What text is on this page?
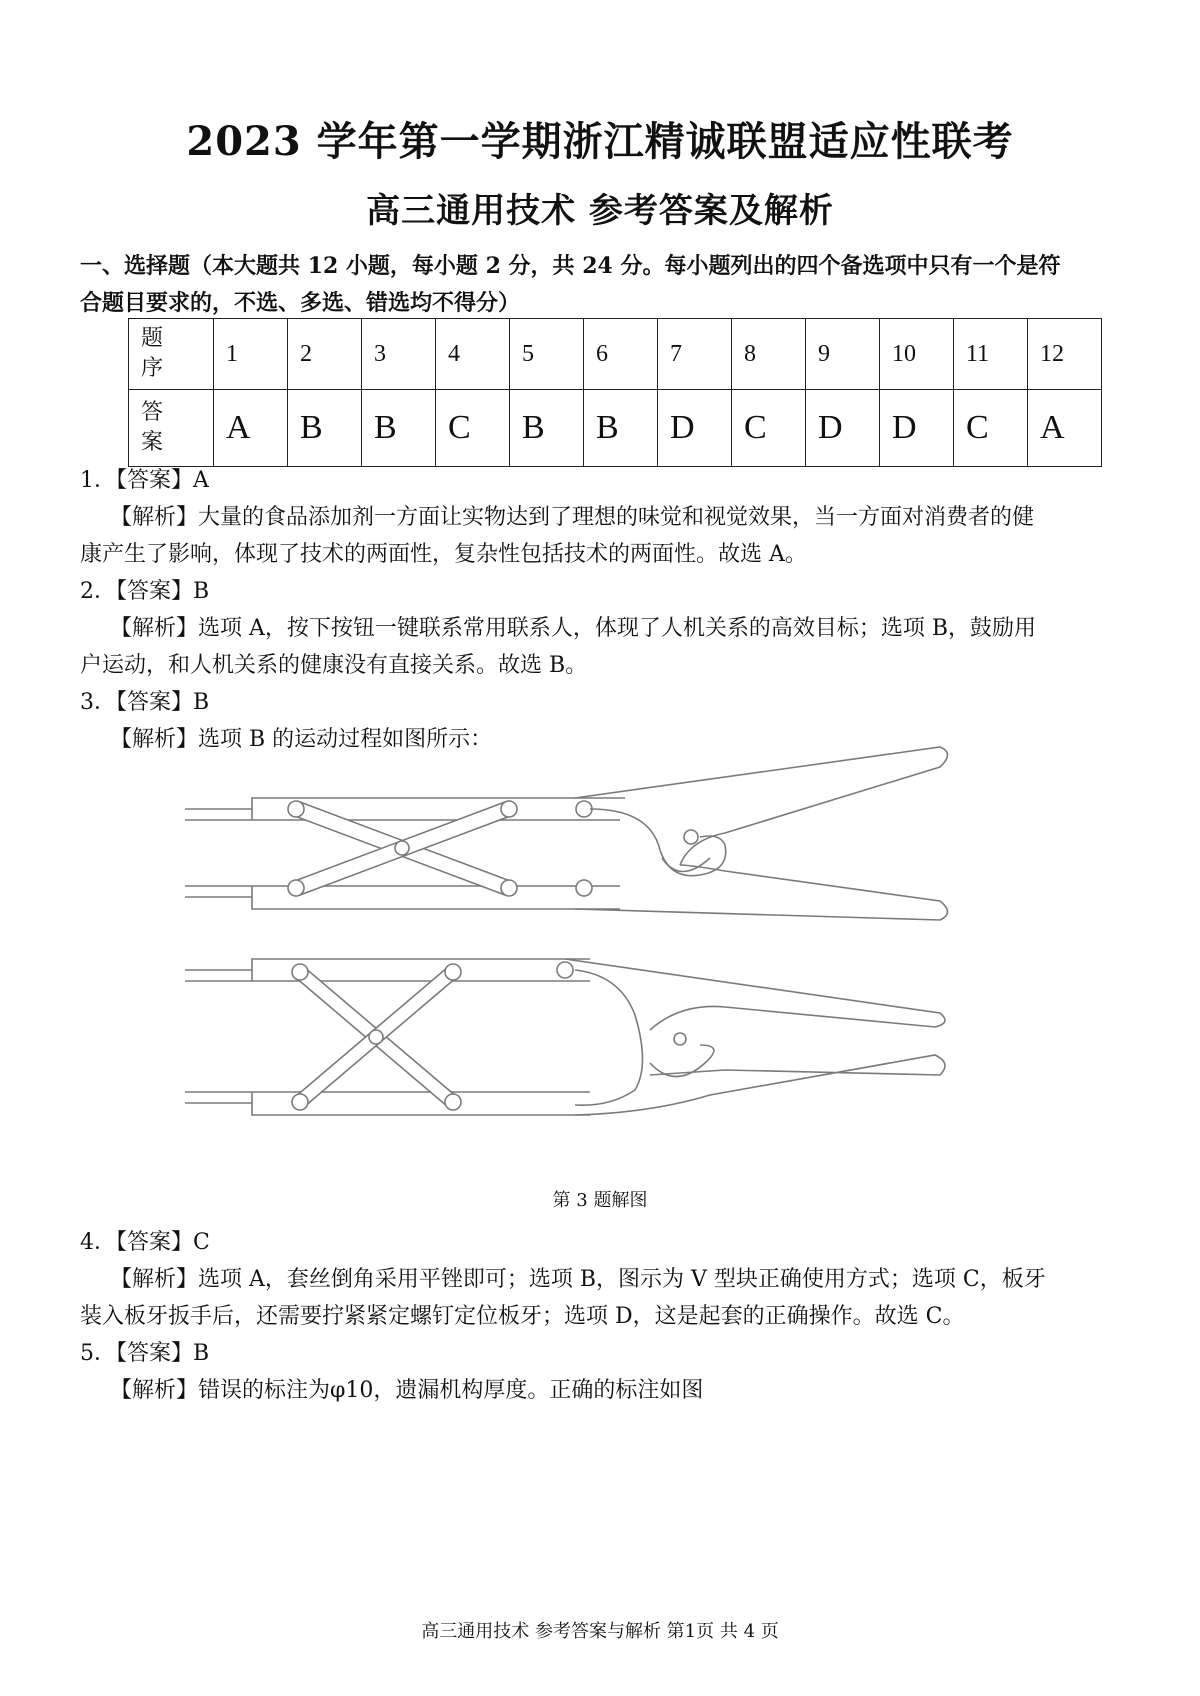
2023 学年第一学期浙江精诚联盟适应性联考
高三通用技术 参考答案及解析
一、选择题（本大题共 12 小题，每小题 2 分，共 24 分。每小题列出的四个备选项中只有一个是符
合题目要求的，不选、多选、错选均不得分）
题
序	1	2	3	4	5	6	7	8	9	10	11	12

答
案	A	B	B	C	B	B	D	C	D	D	C	A
1．【答案】A
【解析】大量的食品添加剂一方面让实物达到了理想的味觉和视觉效果，当一方面对消费者的健
康产生了影响，体现了技术的两面性，复杂性包括技术的两面性。故选 A。
2．【答案】B
【解析】选项 A，按下按钮一键联系常用联系人，体现了人机关系的高效目标；选项 B，鼓励用
户运动，和人机关系的健康没有直接关系。故选 B。
3．【答案】B
【解析】选项 B 的运动过程如图所示：
第 3 题解图
4．【答案】C
【解析】选项 A，套丝倒角采用平锉即可；选项 B，图示为 V 型块正确使用方式；选项 C，板牙
装入板牙扳手后，还需要拧紧紧定螺钉定位板牙；选项 D，这是起套的正确操作。故选 C。
5．【答案】B
【解析】错误的标注为φ10，遗漏机构厚度。正确的标注如图
高三通用技术 参考答案与解析 第1页 共 4 页
